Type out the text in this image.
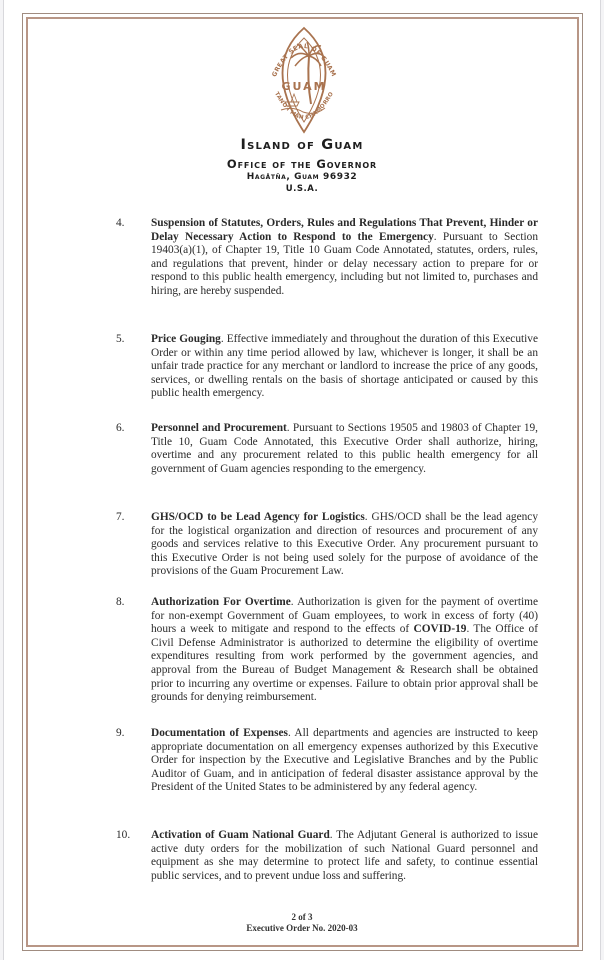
GREAT SEAL OF GUAM
TANO'I MAN CHAMORRO
GUAM
Island of Guam
Office of the Governor
Hagåtña, Guam 96932
U.S.A.
4.	Suspension of Statutes, Orders, Rules and Regulations That Prevent, Hinder or Delay Necessary Action to Respond to the Emergency. Pursuant to Section 19403(a)(1), of Chapter 19, Title 10 Guam Code Annotated, statutes, orders, rules, and regulations that prevent, hinder or delay necessary action to prepare for or respond to this public health emergency, including but not limited to, purchases and hiring, are hereby suspended.
5.	Price Gouging. Effective immediately and throughout the duration of this Executive Order or within any time period allowed by law, whichever is longer, it shall be an unfair trade practice for any merchant or landlord to increase the price of any goods, services, or dwelling rentals on the basis of shortage anticipated or caused by this public health emergency.
6.	Personnel and Procurement. Pursuant to Sections 19505 and 19803 of Chapter 19, Title 10, Guam Code Annotated, this Executive Order shall authorize, hiring, overtime and any procurement related to this public health emergency for all government of Guam agencies responding to the emergency.
7.	GHS/OCD to be Lead Agency for Logistics. GHS/OCD shall be the lead agency for the logistical organization and direction of resources and procurement of any goods and services relative to this Executive Order. Any procurement pursuant to this Executive Order is not being used solely for the purpose of avoidance of the provisions of the Guam Procurement Law.
8.	Authorization For Overtime. Authorization is given for the payment of overtime for non-exempt Government of Guam employees, to work in excess of forty (40) hours a week to mitigate and respond to the effects of COVID-19. The Office of Civil Defense Administrator is authorized to determine the eligibility of overtime expenditures resulting from work performed by the government agencies, and approval from the Bureau of Budget Management & Research shall be obtained prior to incurring any overtime or expenses. Failure to obtain prior approval shall be grounds for denying reimbursement.
9.	Documentation of Expenses. All departments and agencies are instructed to keep appropriate documentation on all emergency expenses authorized by this Executive Order for inspection by the Executive and Legislative Branches and by the Public Auditor of Guam, and in anticipation of federal disaster assistance approval by the President of the United States to be administered by any federal agency.
10.	Activation of Guam National Guard. The Adjutant General is authorized to issue active duty orders for the mobilization of such National Guard personnel and equipment as she may determine to protect life and safety, to continue essential public services, and to prevent undue loss and suffering.
2 of 3
Executive Order No. 2020-03
